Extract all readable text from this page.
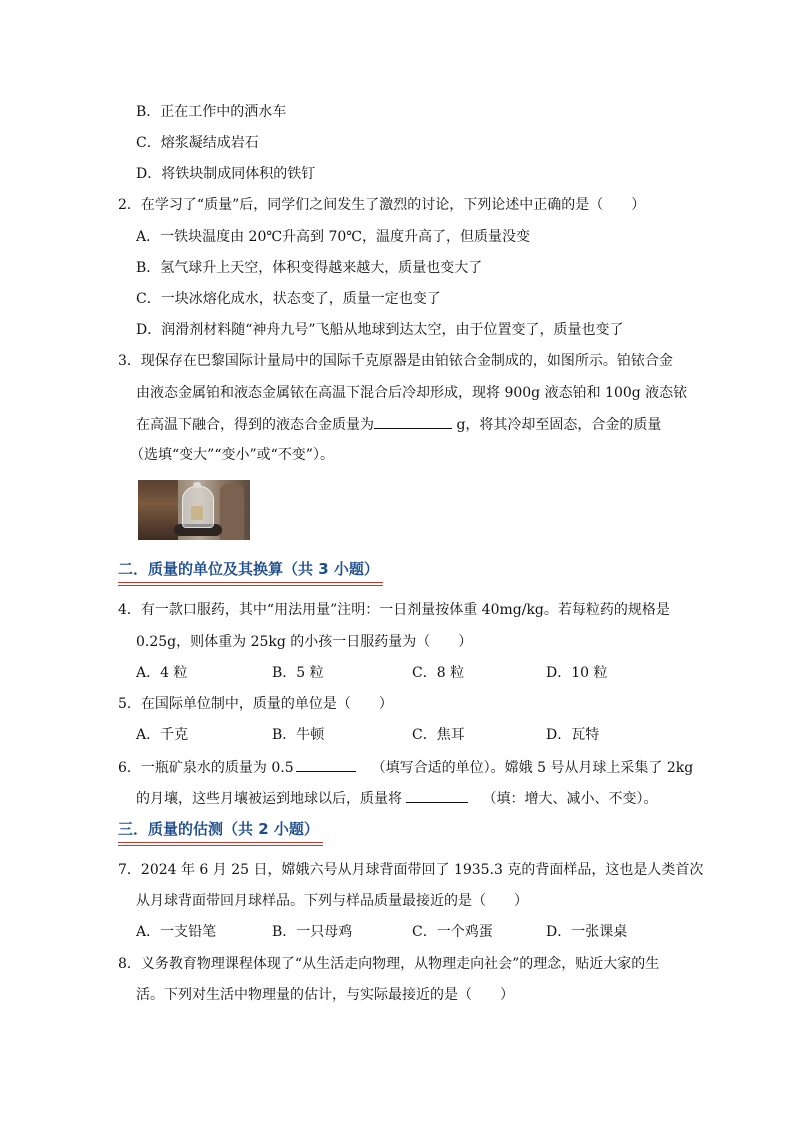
B．正在工作中的洒水车
C．熔浆凝结成岩石
D．将铁块制成同体积的铁钉
2．在学习了“质量”后，同学们之间发生了激烈的讨论，下列论述中正确的是（　　）
A．一铁块温度由 20℃升高到 70℃，温度升高了，但质量没变
B．氢气球升上天空，体积变得越来越大，质量也变大了
C．一块冰熔化成水，状态变了，质量一定也变了
D．润滑剂材料随“神舟九号”飞船从地球到达太空，由于位置变了，质量也变了
3．现保存在巴黎国际计量局中的国际千克原器是由铂铱合金制成的，如图所示。铂铱合金
由液态金属铂和液态金属铱在高温下混合后冷却形成，现将 900g 液态铂和 100g 液态铱
在高温下融合，得到的液态合金质量为	g，将其冷却至固态，合金的质量
（选填“变大”“变小”或“不变”）。
二．质量的单位及其换算（共 3 小题）
4．有一款口服药，其中“用法用量”注明：一日剂量按体重 40mg/kg。若每粒药的规格是
0.25g，则体重为 25kg 的小孩一日服药量为（　　）
A．4 粒	B．5 粒	C．8 粒	D．10 粒
5．在国际单位制中，质量的单位是（　　）
A．千克	B．牛顿	C．焦耳	D．瓦特
6．一瓶矿泉水的质量为 0.5	（填写合适的单位）。嫦娥 5 号从月球上采集了 2kg
的月壤，这些月壤被运到地球以后，质量将	（填：增大、减小、不变）。
三．质量的估测（共 2 小题）
7．2024 年 6 月 25 日，嫦娥六号从月球背面带回了 1935.3 克的背面样品，这也是人类首次
从月球背面带回月球样品。下列与样品质量最接近的是（　　）
A．一支铅笔	B．一只母鸡	C．一个鸡蛋	D．一张课桌
8．义务教育物理课程体现了“从生活走向物理，从物理走向社会”的理念，贴近大家的生
活。下列对生活中物理量的估计，与实际最接近的是（　　）
